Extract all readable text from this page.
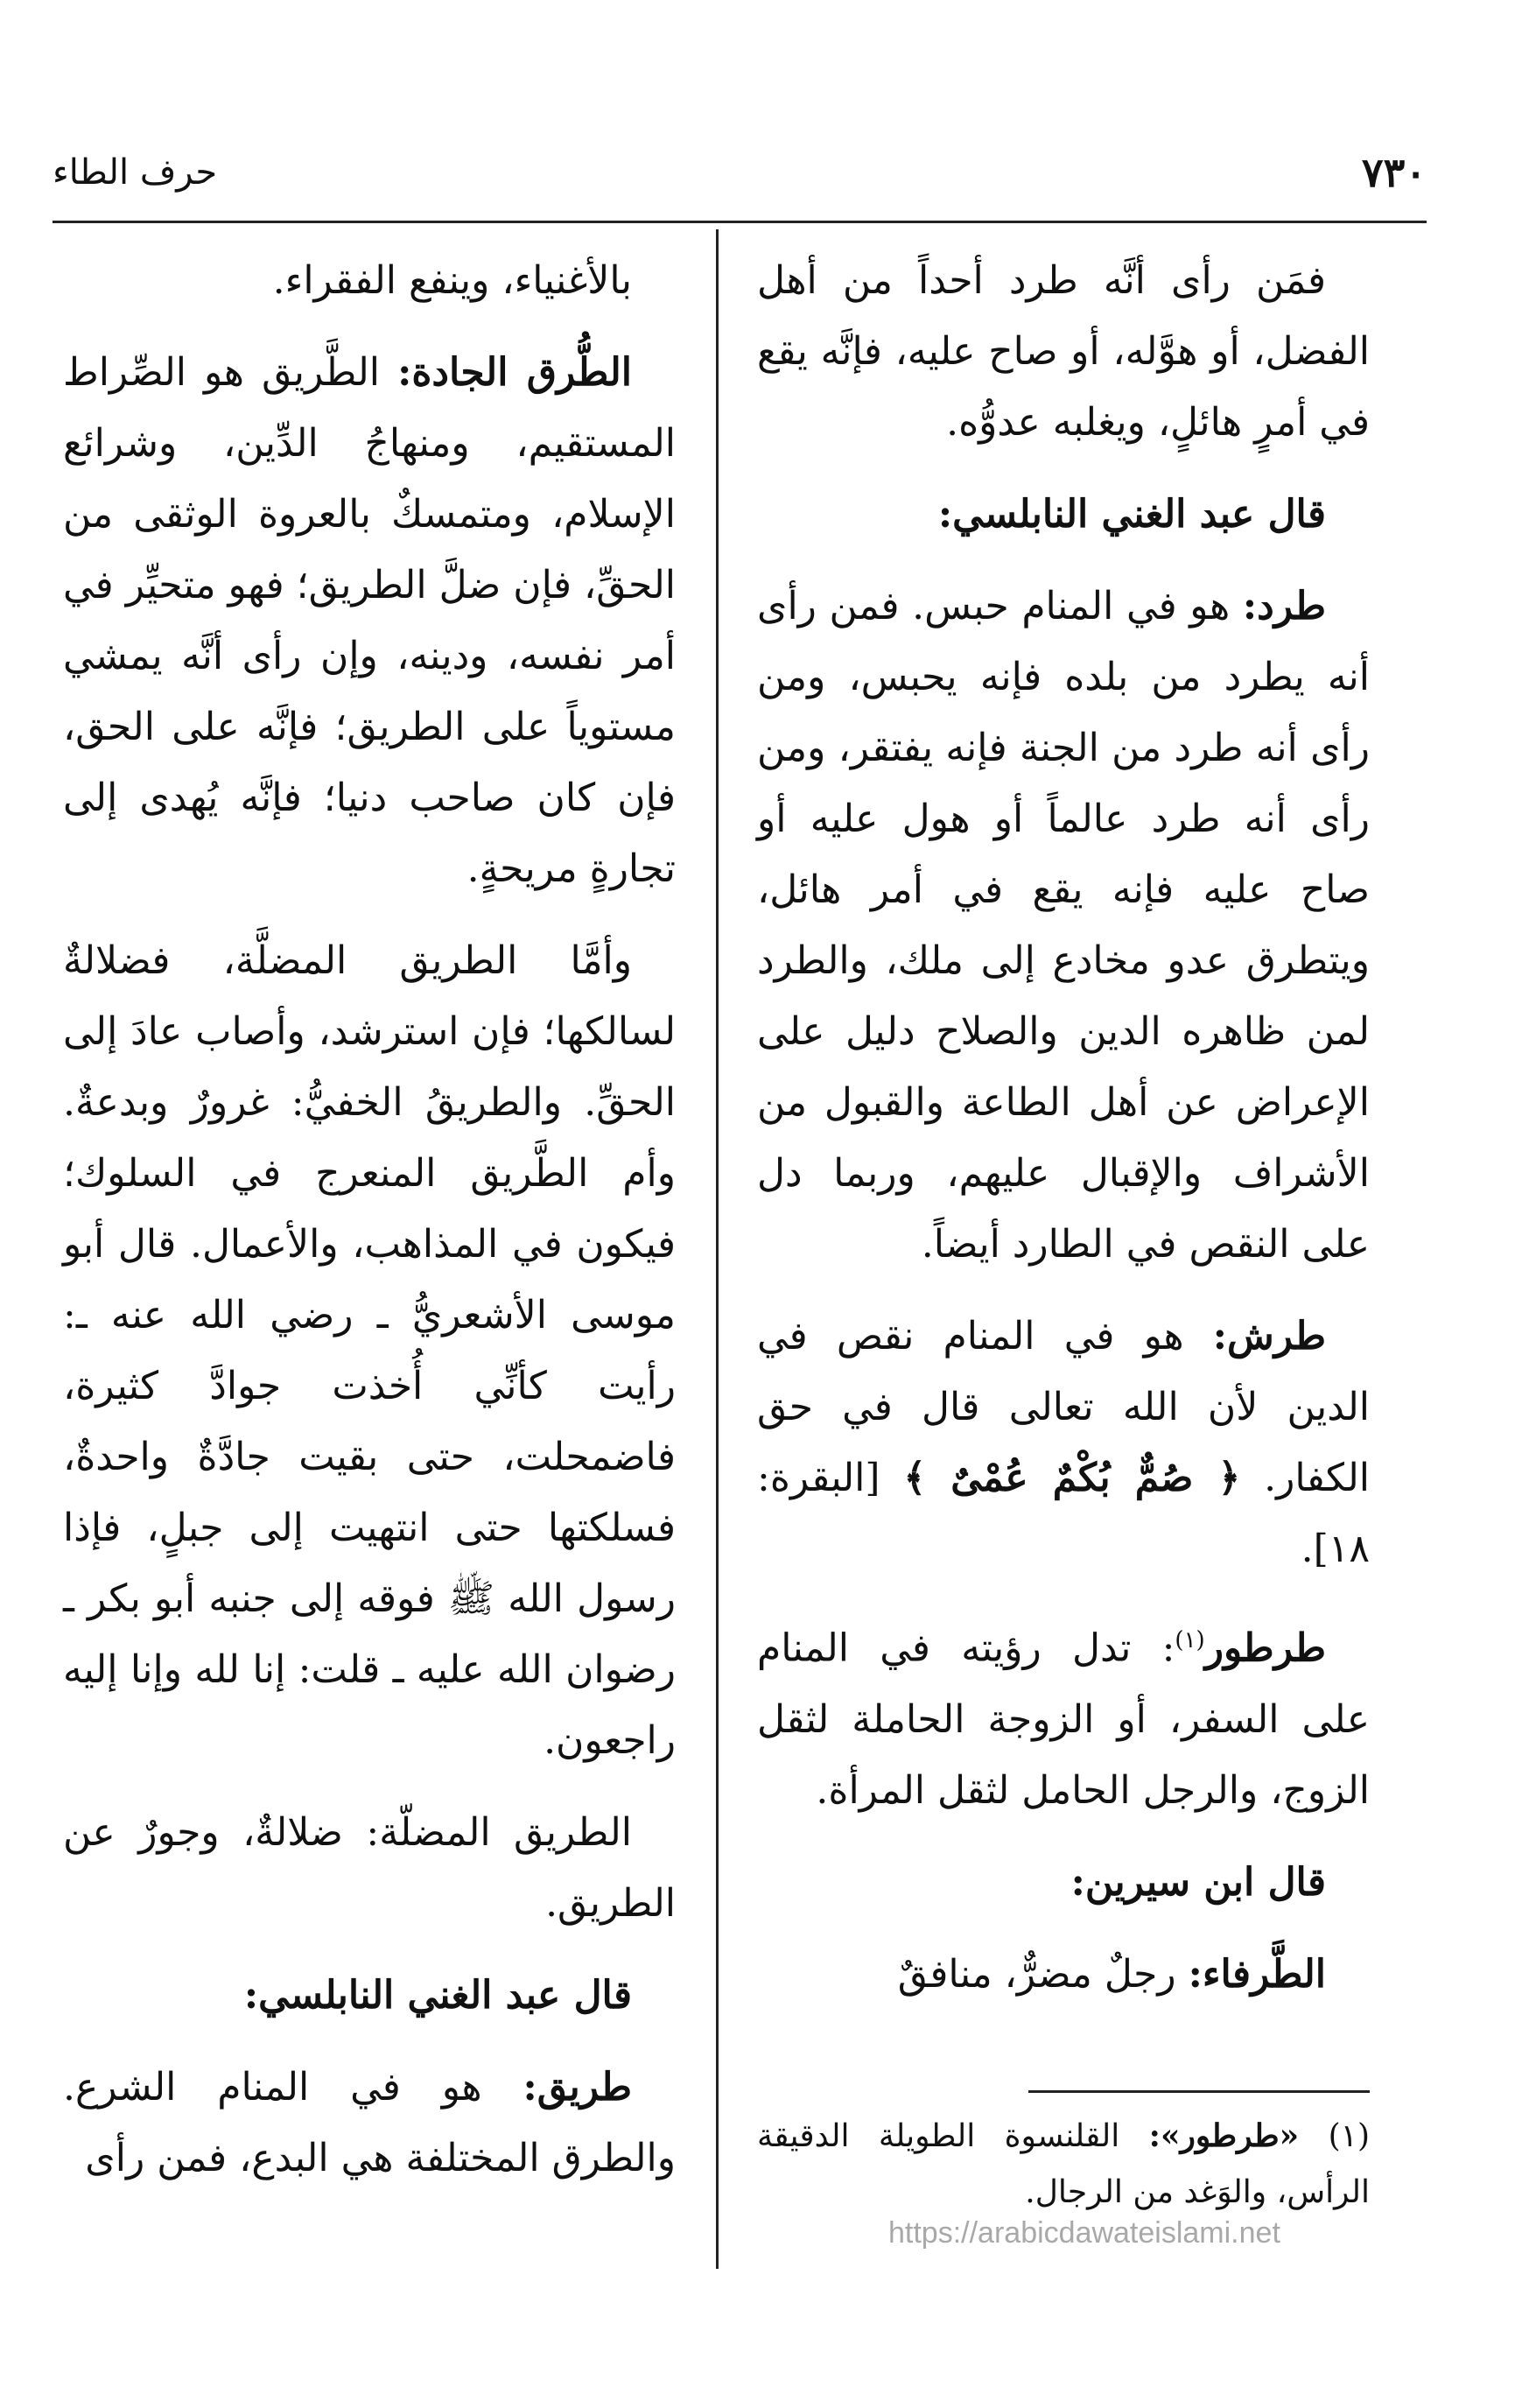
٧٣٠
حرف الطاء

فمَن رأى أنَّه طرد أحداً من أهل الفضل، أو هوَّله، أو صاح عليه، فإنَّه يقع في أمرٍ هائلٍ، ويغلبه عدوُّه.

قال عبد الغني النابلسي:

طرد: هو في المنام حبس. فمن رأى أنه يطرد من بلده فإنه يحبس، ومن رأى أنه طرد من الجنة فإنه يفتقر، ومن رأى أنه طرد عالماً أو هول عليه أو صاح عليه فإنه يقع في أمر هائل، ويتطرق عدو مخادع إلى ملك، والطرد لمن ظاهره الدين والصلاح دليل على الإعراض عن أهل الطاعة والقبول من الأشراف والإقبال عليهم، وربما دل على النقص في الطارد أيضاً.

طرش: هو في المنام نقص في الدين لأن الله تعالى قال في حق الكفار. ﴿ صُمٌّ بُكْمٌ عُمْىٌ ﴾ [البقرة: ١٨].

طرطور$^{(١)}$: تدل رؤيته في المنام على السفر، أو الزوجة الحاملة لثقل الزوج، والرجل الحامل لثقل المرأة.

قال ابن سيرين:

الطَّرفاء: رجلٌ مضرٌّ، منافقٌ

بالأغنياء، وينفع الفقراء.

الطُّرق الجادة: الطَّريق هو الصِّراط المستقيم، ومنهاجُ الدِّين، وشرائع الإسلام، ومتمسكٌ بالعروة الوثقى من الحقِّ، فإن ضلَّ الطريق؛ فهو متحيِّر في أمر نفسه، ودينه، وإن رأى أنَّه يمشي مستوياً على الطريق؛ فإنَّه على الحق، فإن كان صاحب دنيا؛ فإنَّه يُهدى إلى تجارةٍ مريحةٍ.

وأمَّا الطريق المضلَّة، فضلالةٌ لسالكها؛ فإن استرشد، وأصاب عادَ إلى الحقِّ. والطريقُ الخفيُّ: غرورٌ وبدعةٌ. وأم الطَّريق المنعرج في السلوك؛ فيكون في المذاهب، والأعمال. قال أبو موسى الأشعريُّ ـ رضي الله عنه ـ: رأيت كأنِّي أُخذت جوادَّ كثيرة، فاضمحلت، حتى بقيت جادَّةٌ واحدةٌ، فسلكتها حتى انتهيت إلى جبلٍ، فإذا رسول الله ﷺ فوقه إلى جنبه أبو بكر ـ رضوان الله عليه ـ قلت: إنا لله وإنا إليه راجعون.

الطريق المضلّة: ضلالةٌ، وجورٌ عن الطريق.

قال عبد الغني النابلسي:

طريق: هو في المنام الشرع. والطرق المختلفة هي البدع، فمن رأى	(١) «طرطور»: القلنسوة الطويلة الدقيقة الرأس، والوَغد من الرجال.
https://arabicdawateislami.net
